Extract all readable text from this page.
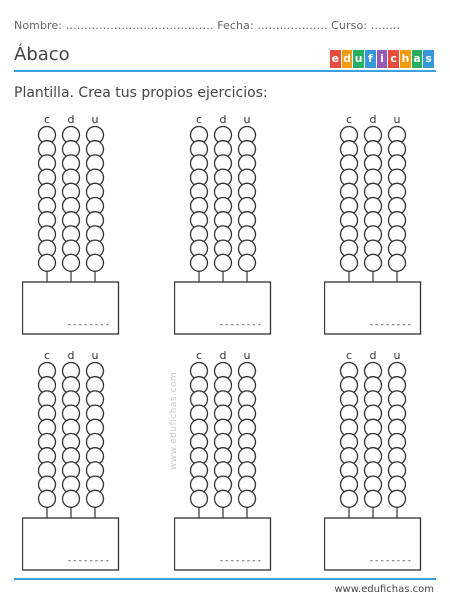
Nombre: …………………………………. Fecha: ………………. Curso: ……..
Ábaco	e d u f i c h a s
Plantilla. Crea tus propios ejercicios:
c d u
--------
c d u
--------
c d u
--------
c d u
--------
c d u
--------
c d u
--------
www.edufichas.com
www.edufichas.com
